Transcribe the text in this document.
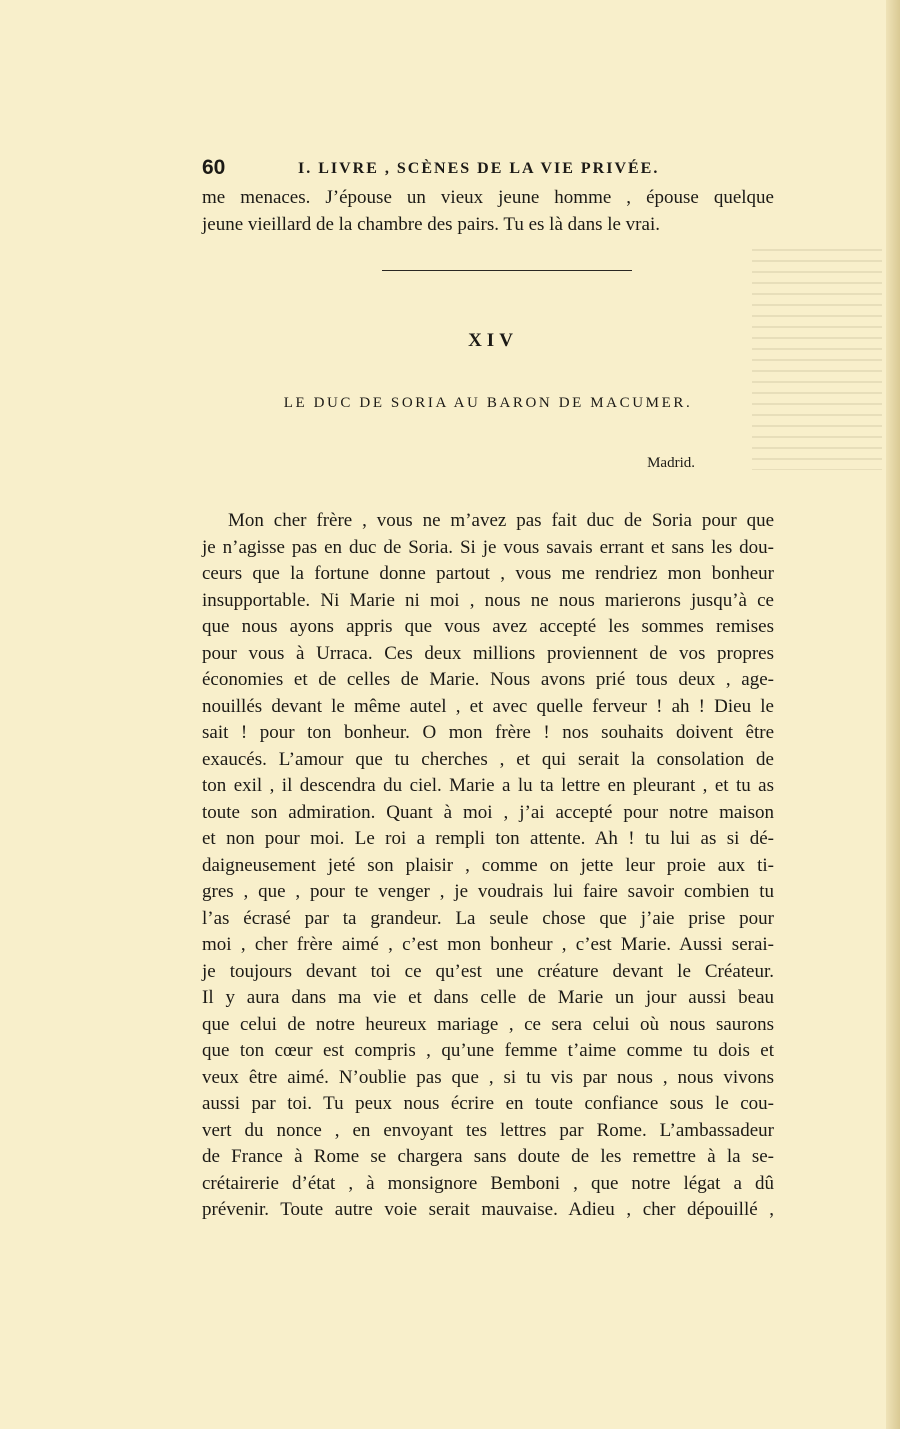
60	I. LIVRE , SCÈNES DE LA VIE PRIVÉE.
me menaces. J’épouse un vieux jeune homme , épouse quelque
jeune vieillard de la chambre des pairs. Tu es là dans le vrai.
XIV
LE DUC DE SORIA AU BARON DE MACUMER.
Madrid.
Mon cher frère , vous ne m’avez pas fait duc de Soria pour que
je n’agisse pas en duc de Soria. Si je vous savais errant et sans les dou-
ceurs que la fortune donne partout , vous me rendriez mon bonheur
insupportable. Ni Marie ni moi , nous ne nous marierons jusqu’à ce
que nous ayons appris que vous avez accepté les sommes remises
pour vous à Urraca. Ces deux millions proviennent de vos propres
économies et de celles de Marie. Nous avons prié tous deux , age-
nouillés devant le même autel , et avec quelle ferveur ! ah ! Dieu le
sait ! pour ton bonheur. O mon frère ! nos souhaits doivent être
exaucés. L’amour que tu cherches , et qui serait la consolation de
ton exil , il descendra du ciel. Marie a lu ta lettre en pleurant , et tu as
toute son admiration. Quant à moi , j’ai accepté pour notre maison
et non pour moi. Le roi a rempli ton attente. Ah ! tu lui as si dé-
daigneusement jeté son plaisir , comme on jette leur proie aux ti-
gres , que , pour te venger , je voudrais lui faire savoir combien tu
l’as écrasé par ta grandeur. La seule chose que j’aie prise pour
moi , cher frère aimé , c’est mon bonheur , c’est Marie. Aussi serai-
je toujours devant toi ce qu’est une créature devant le Créateur.
Il y aura dans ma vie et dans celle de Marie un jour aussi beau
que celui de notre heureux mariage , ce sera celui où nous saurons
que ton cœur est compris , qu’une femme t’aime comme tu dois et
veux être aimé. N’oublie pas que , si tu vis par nous , nous vivons
aussi par toi. Tu peux nous écrire en toute confiance sous le cou-
vert du nonce , en envoyant tes lettres par Rome. L’ambassadeur
de France à Rome se chargera sans doute de les remettre à la se-
crétairerie d’état , à monsignore Bemboni , que notre légat a dû
prévenir. Toute autre voie serait mauvaise. Adieu , cher dépouillé ,
